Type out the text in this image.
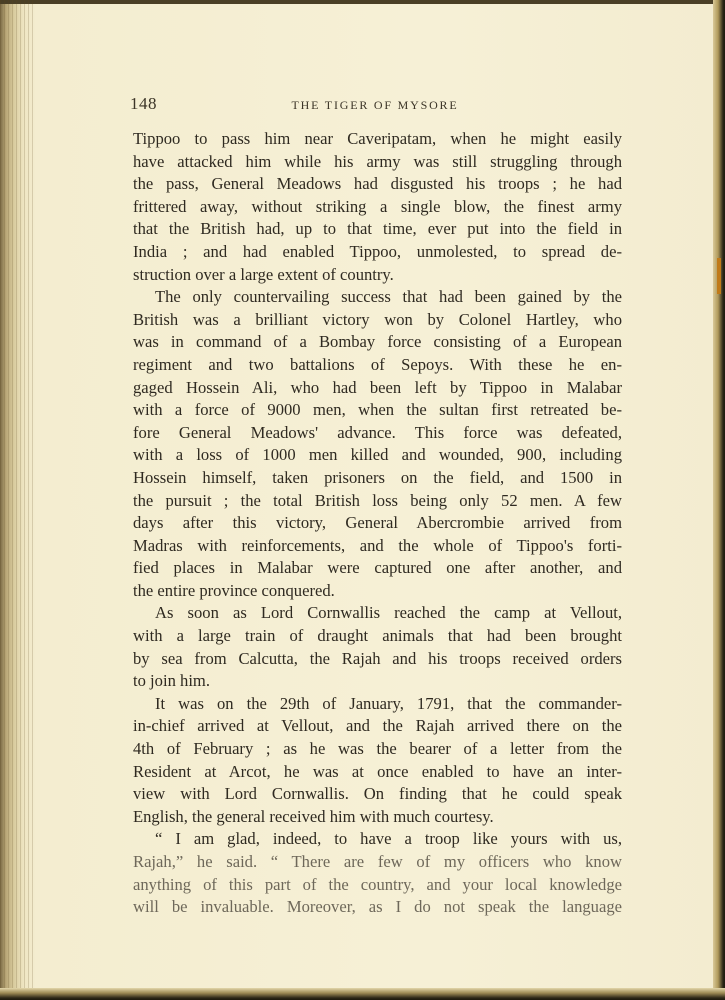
148	THE TIGER OF MYSORE
Tippoo to pass him near Caveripatam, when he might easily
have attacked him while his army was still struggling through
the pass, General Meadows had disgusted his troops ; he had
frittered away, without striking a single blow, the finest army
that the British had, up to that time, ever put into the field in
India ; and had enabled Tippoo, unmolested, to spread de-
struction over a large extent of country.
The only countervailing success that had been gained by the
British was a brilliant victory won by Colonel Hartley, who
was in command of a Bombay force consisting of a European
regiment and two battalions of Sepoys. With these he en-
gaged Hossein Ali, who had been left by Tippoo in Malabar
with a force of 9000 men, when the sultan first retreated be-
fore General Meadows' advance. This force was defeated,
with a loss of 1000 men killed and wounded, 900, including
Hossein himself, taken prisoners on the field, and 1500 in
the pursuit ; the total British loss being only 52 men. A few
days after this victory, General Abercrombie arrived from
Madras with reinforcements, and the whole of Tippoo's forti-
fied places in Malabar were captured one after another, and
the entire province conquered.
As soon as Lord Cornwallis reached the camp at Vellout,
with a large train of draught animals that had been brought
by sea from Calcutta, the Rajah and his troops received orders
to join him.
It was on the 29th of January, 1791, that the commander-
in-chief arrived at Vellout, and the Rajah arrived there on the
4th of February ; as he was the bearer of a letter from the
Resident at Arcot, he was at once enabled to have an inter-
view with Lord Cornwallis. On finding that he could speak
English, the general received him with much courtesy.
“ I am glad, indeed, to have a troop like yours with us,
Rajah,” he said. “ There are few of my officers who know
anything of this part of the country, and your local knowledge
will be invaluable. Moreover, as I do not speak the language
